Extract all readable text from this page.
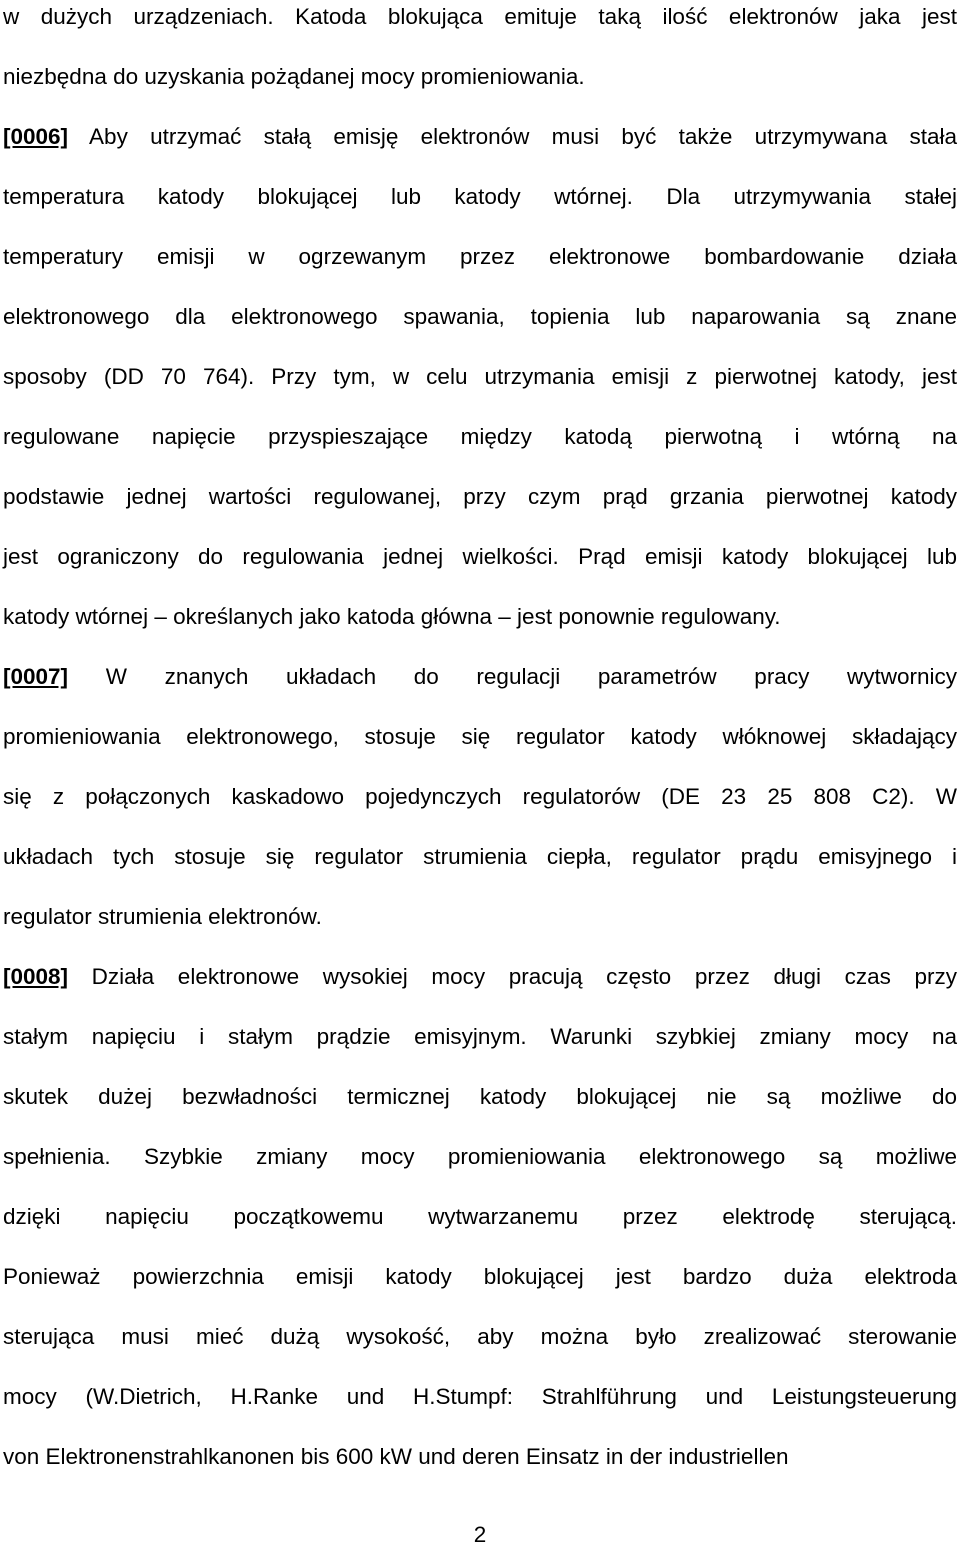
w dużych urządzeniach. Katoda blokująca emituje taką ilość elektronów jaka jest
niezbędna do uzyskania pożądanej mocy promieniowania.
[0006] Aby utrzymać stałą emisję elektronów musi być także utrzymywana stała
temperatura katody blokującej lub katody wtórnej. Dla utrzymywania stałej
temperatury emisji w ogrzewanym przez elektronowe bombardowanie działa
elektronowego dla elektronowego spawania, topienia lub naparowania są znane
sposoby (DD 70 764). Przy tym, w celu utrzymania emisji z pierwotnej katody, jest
regulowane napięcie przyspieszające między katodą pierwotną i wtórną na
podstawie jednej wartości regulowanej, przy czym prąd grzania pierwotnej katody
jest ograniczony do regulowania jednej wielkości. Prąd emisji katody blokującej lub
katody wtórnej – określanych jako katoda główna – jest ponownie regulowany.
[0007] W znanych układach do regulacji parametrów pracy wytwornicy
promieniowania elektronowego, stosuje się regulator katody włóknowej składający
się z połączonych kaskadowo pojedynczych regulatorów (DE 23 25 808 C2). W
układach tych stosuje się regulator strumienia ciepła, regulator prądu emisyjnego i
regulator strumienia elektronów.
[0008] Działa elektronowe wysokiej mocy pracują często przez długi czas przy
stałym napięciu i stałym prądzie emisyjnym. Warunki szybkiej zmiany mocy na
skutek dużej bezwładności termicznej katody blokującej nie są możliwe do
spełnienia. Szybkie zmiany mocy promieniowania elektronowego są możliwe
dzięki napięciu początkowemu wytwarzanemu przez elektrodę sterującą.
Ponieważ powierzchnia emisji katody blokującej jest bardzo duża elektroda
sterująca musi mieć dużą wysokość, aby można było zrealizować sterowanie
mocy (W.Dietrich, H.Ranke und H.Stumpf: Strahlführung und Leistungsteuerung
von Elektronenstrahlkanonen bis 600 kW und deren Einsatz in der industriellen
2
